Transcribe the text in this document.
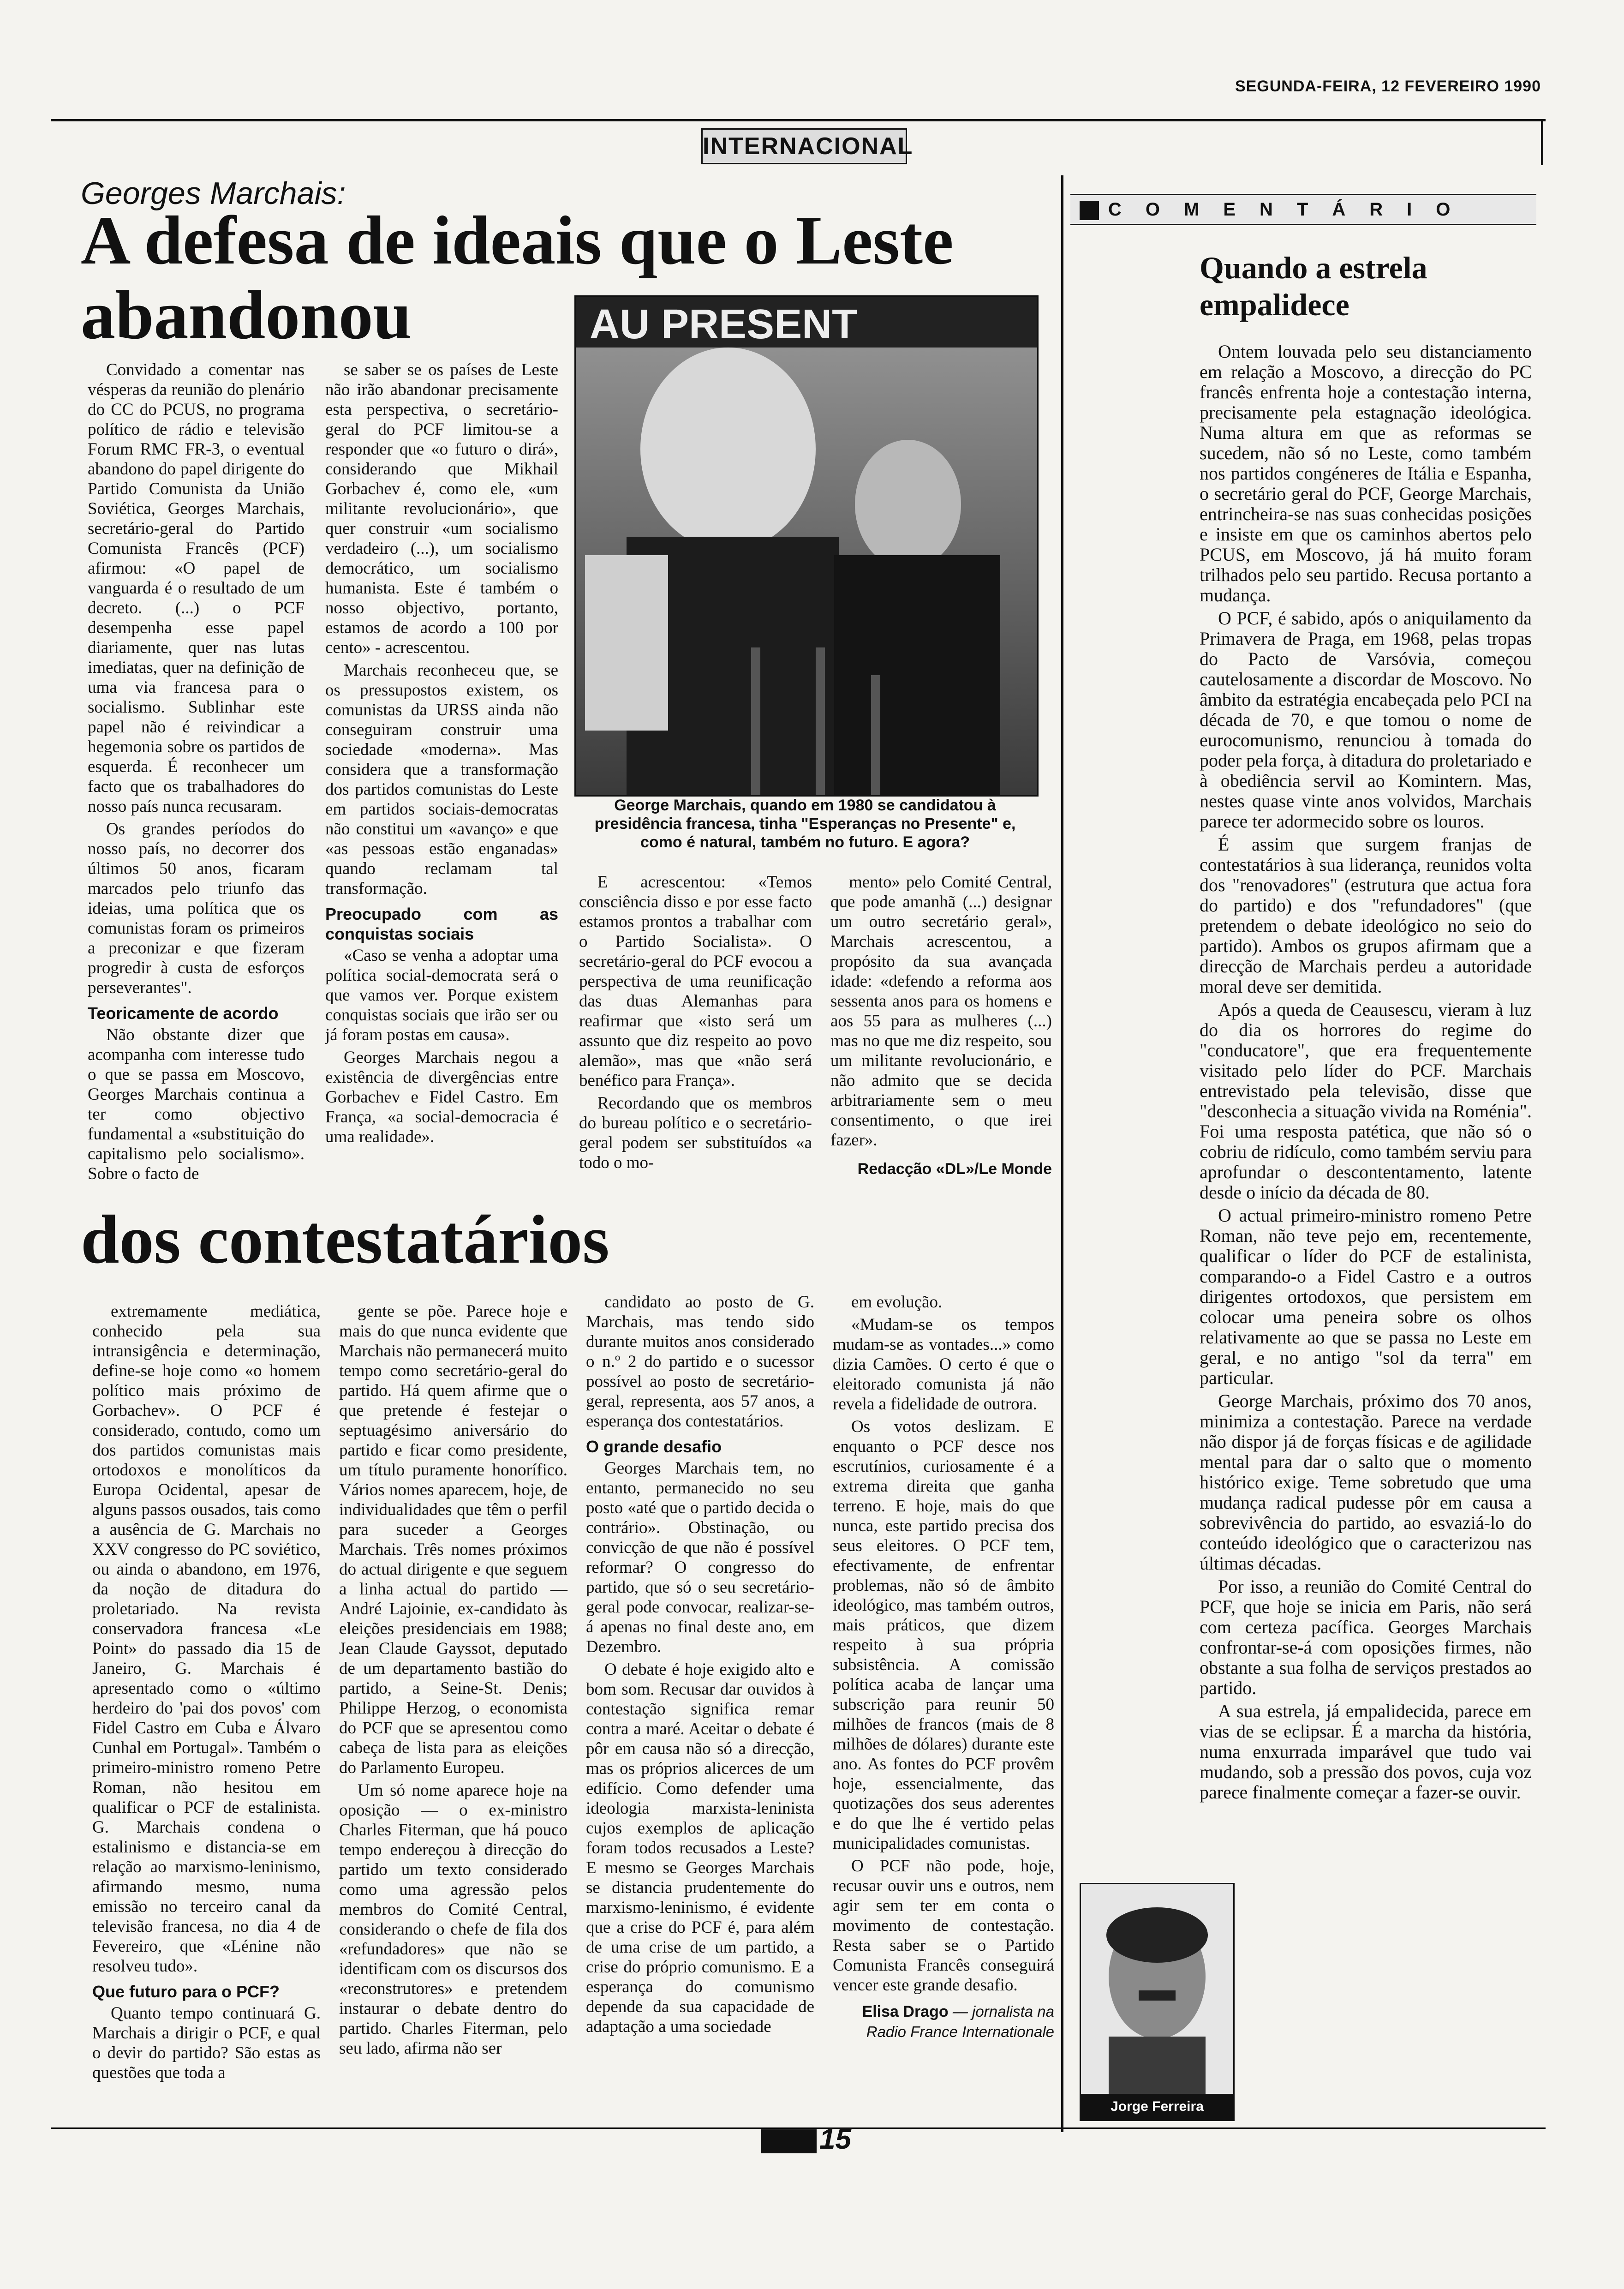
SEGUNDA-FEIRA, 12 FEVEREIRO 1990
INTERNACIONAL
Georges Marchais:
A defesa de ideais que o Leste abandonou

Convidado a comentar nas vésperas da reunião do plenário do CC do PCUS, no programa político de rádio e televisão Forum RMC FR-3, o eventual abandono do papel dirigente do Partido Comunista da União Soviética, Georges Marchais, secretário-geral do Partido Comunista Francês (PCF) afirmou: «O papel de vanguarda é o resultado de um decreto. (...) o PCF desempenha esse papel diariamente, quer nas lutas imediatas, quer na definição de uma via francesa para o socialismo. Sublinhar este papel não é reivindicar a hegemonia sobre os partidos de esquerda. É reconhecer um facto que os trabalhadores do nosso país nunca recusaram.

Os grandes períodos do nosso país, no decorrer dos últimos 50 anos, ficaram marcados pelo triunfo das ideias, uma política que os comunistas foram os primeiros a preconizar e que fizeram progredir à custa de esforços perseverantes".

Teoricamente de acordo

Não obstante dizer que acompanha com interesse tudo o que se passa em Moscovo, Georges Marchais continua a ter como objectivo fundamental a «substituição do capitalismo pelo socialismo». Sobre o facto de

se saber se os países de Leste não irão abandonar precisamente esta perspectiva, o secretário-geral do PCF limitou-se a responder que «o futuro o dirá», considerando que Mikhail Gorbachev é, como ele, «um militante revolucionário», que quer construir «um socialismo verdadeiro (...), um socialismo democrático, um socialismo humanista. Este é também o nosso objectivo, portanto, estamos de acordo a 100 por cento» - acrescentou.

Marchais reconheceu que, se os pressupostos existem, os comunistas da URSS ainda não conseguiram construir uma sociedade «moderna». Mas considera que a transformação dos partidos comunistas do Leste em partidos sociais-democratas não constitui um «avanço» e que «as pessoas estão enganadas» quando reclamam tal transformação.

Preocupado com as conquistas sociais

«Caso se venha a adoptar uma política social-democrata será o que vamos ver. Porque existem conquistas sociais que irão ser ou já foram postas em causa».

Georges Marchais negou a existência de divergências entre Gorbachev e Fidel Castro. Em França, «a social-democracia é uma realidade».

AU PRESENT
George Marchais, quando em 1980 se candidatou à presidência francesa, tinha "Esperanças no Presente" e, como é natural, também no futuro. E agora?

E acrescentou: «Temos consciência disso e por esse facto estamos prontos a trabalhar com o Partido Socialista». O secretário-geral do PCF evocou a perspectiva de uma reunificação das duas Alemanhas para reafirmar que «isto será um assunto que diz respeito ao povo alemão», mas que «não será benéfico para França».

Recordando que os membros do bureau político e o secretário-geral podem ser substituídos «a todo o mo-

mento» pelo Comité Central, que pode amanhã (...) designar um outro secretário geral», Marchais acrescentou, a propósito da sua avançada idade: «defendo a reforma aos sessenta anos para os homens e aos 55 para as mulheres (...) mas no que me diz respeito, sou um militante revolucionário, e não admito que se decida arbitrariamente sem o meu consentimento, o que irei fazer».

Redacção «DL»/Le Monde
dos contestatários

extremamente mediática, conhecido pela sua intransigência e determinação, define-se hoje como «o homem político mais próximo de Gorbachev». O PCF é considerado, contudo, como um dos partidos comunistas mais ortodoxos e monolíticos da Europa Ocidental, apesar de alguns passos ousados, tais como a ausência de G. Marchais no XXV congresso do PC soviético, ou ainda o abandono, em 1976, da noção de ditadura do proletariado. Na revista conservadora francesa «Le Point» do passado dia 15 de Janeiro, G. Marchais é apresentado como o «último herdeiro do 'pai dos povos' com Fidel Castro em Cuba e Álvaro Cunhal em Portugal». Também o primeiro-ministro romeno Petre Roman, não hesitou em qualificar o PCF de estalinista. G. Marchais condena o estalinismo e distancia-se em relação ao marxismo-leninismo, afirmando mesmo, numa emissão no terceiro canal da televisão francesa, no dia 4 de Fevereiro, que «Lénine não resolveu tudo».

Que futuro para o PCF?

Quanto tempo continuará G. Marchais a dirigir o PCF, e qual o devir do partido? São estas as questões que toda a

gente se põe. Parece hoje e mais do que nunca evidente que Marchais não permanecerá muito tempo como secretário-geral do partido. Há quem afirme que o que pretende é festejar o septuagésimo aniversário do partido e ficar como presidente, um título puramente honorífico. Vários nomes aparecem, hoje, de individualidades que têm o perfil para suceder a Georges Marchais. Três nomes próximos do actual dirigente e que seguem a linha actual do partido — André Lajoinie, ex-candidato às eleições presidenciais em 1988; Jean Claude Gayssot, deputado de um departamento bastião do partido, a Seine-St. Denis; Philippe Herzog, o economista do PCF que se apresentou como cabeça de lista para as eleições do Parlamento Europeu.

Um só nome aparece hoje na oposição — o ex-ministro Charles Fiterman, que há pouco tempo endereçou à direcção do partido um texto considerado como uma agressão pelos membros do Comité Central, considerando o chefe de fila dos «refundadores» que não se identificam com os discursos dos «reconstrutores» e pretendem instaurar o debate dentro do partido. Charles Fiterman, pelo seu lado, afirma não ser

candidato ao posto de G. Marchais, mas tendo sido durante muitos anos considerado o n.º 2 do partido e o sucessor possível ao posto de secretário-geral, representa, aos 57 anos, a esperança dos contestatários.

O grande desafio

Georges Marchais tem, no entanto, permanecido no seu posto «até que o partido decida o contrário». Obstinação, ou convicção de que não é possível reformar? O congresso do partido, que só o seu secretário-geral pode convocar, realizar-se-á apenas no final deste ano, em Dezembro.

O debate é hoje exigido alto e bom som. Recusar dar ouvidos à contestação significa remar contra a maré. Aceitar o debate é pôr em causa não só a direcção, mas os próprios alicerces de um edifício. Como defender uma ideologia marxista-leninista cujos exemplos de aplicação foram todos recusados a Leste? E mesmo se Georges Marchais se distancia prudentemente do marxismo-leninismo, é evidente que a crise do PCF é, para além de uma crise de um partido, a crise do próprio comunismo. E a esperança do comunismo depende da sua capacidade de adaptação a uma sociedade

em evolução.

«Mudam-se os tempos mudam-se as vontades...» como dizia Camões. O certo é que o eleitorado comunista já não revela a fidelidade de outrora.

Os votos deslizam. E enquanto o PCF desce nos escrutínios, curiosamente é a extrema direita que ganha terreno. E hoje, mais do que nunca, este partido precisa dos seus eleitores. O PCF tem, efectivamente, de enfrentar problemas, não só de âmbito ideológico, mas também outros, mais práticos, que dizem respeito à sua própria subsistência. A comissão política acaba de lançar uma subscrição para reunir 50 milhões de francos (mais de 8 milhões de dólares) durante este ano. As fontes do PCF provêm hoje, essencialmente, das quotizações dos seus aderentes e do que lhe é vertido pelas municipalidades comunistas.

O PCF não pode, hoje, recusar ouvir uns e outros, nem agir sem ter em conta o movimento de contestação. Resta saber se o Partido Comunista Francês conseguirá vencer este grande desafio.

Elisa Drago — jornalista na Radio France Internationale
COMENTÁRIO
Quando a estrela empalidece

Ontem louvada pelo seu distanciamento em relação a Moscovo, a direcção do PC francês enfrenta hoje a contestação interna, precisamente pela estagnação ideológica. Numa altura em que as reformas se sucedem, não só no Leste, como também nos partidos congéneres de Itália e Espanha, o secretário geral do PCF, George Marchais, entrincheira-se nas suas conhecidas posições e insiste em que os caminhos abertos pelo PCUS, em Moscovo, já há muito foram trilhados pelo seu partido. Recusa portanto a mudança.

O PCF, é sabido, após o aniquilamento da Primavera de Praga, em 1968, pelas tropas do Pacto de Varsóvia, começou cautelosamente a discordar de Moscovo. No âmbito da estratégia encabeçada pelo PCI na década de 70, e que tomou o nome de eurocomunismo, renunciou à tomada do poder pela força, à ditadura do proletariado e à obediência servil ao Komintern. Mas, nestes quase vinte anos volvidos, Marchais parece ter adormecido sobre os louros.

É assim que surgem franjas de contestatários à sua liderança, reunidos volta dos "renovadores" (estrutura que actua fora do partido) e dos "refundadores" (que pretendem o debate ideológico no seio do partido). Ambos os grupos afirmam que a direcção de Marchais perdeu a autoridade moral deve ser demitida.

Após a queda de Ceausescu, vieram à luz do dia os horrores do regime do "conducatore", que era frequentemente visitado pelo líder do PCF. Marchais entrevistado pela televisão, disse que "desconhecia a situação vivida na Roménia". Foi uma resposta patética, que não só o cobriu de ridículo, como também serviu para aprofundar o descontentamento, latente desde o início da década de 80.

O actual primeiro-ministro romeno Petre Roman, não teve pejo em, recentemente, qualificar o líder do PCF de estalinista, comparando-o a Fidel Castro e a outros dirigentes ortodoxos, que persistem em colocar uma peneira sobre os olhos relativamente ao que se passa no Leste em geral, e no antigo "sol da terra" em particular.

George Marchais, próximo dos 70 anos, minimiza a contestação. Parece na verdade não dispor já de forças físicas e de agilidade mental para dar o salto que o momento histórico exige. Teme sobretudo que uma mudança radical pudesse pôr em causa a sobrevivência do partido, ao esvaziá-lo do conteúdo ideológico que o caracterizou nas últimas décadas.

Por isso, a reunião do Comité Central do PCF, que hoje se inicia em Paris, não será com certeza pacífica. Georges Marchais confrontar-se-á com oposições firmes, não obstante a sua folha de serviços prestados ao partido.

A sua estrela, já empalidecida, parece em vias de se eclipsar. É a marcha da história, numa enxurrada imparável que tudo vai mudando, sob a pressão dos povos, cuja voz parece finalmente começar a fazer-se ouvir.

Jorge Ferreira
15
